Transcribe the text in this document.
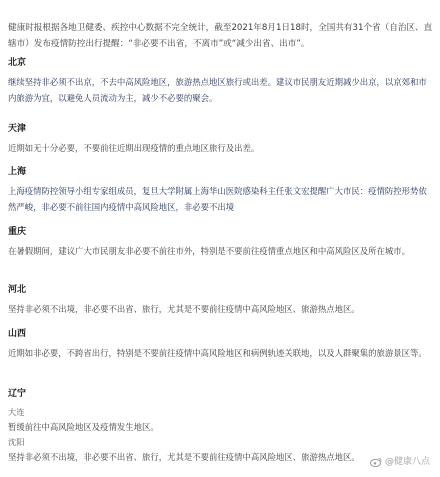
健康时报根据各地卫健委、疾控中心数据不完全统计，截至2021年8月1日18时，全国共有31个省（自治区、直辖市）发布疫情防控出行提醒：“非必要不出省，不离市”或“减少出省、出市”。

北京

继续坚持非必须不出京，不去中高风险地区，旅游热点地区旅行或出差。建议市民朋友近期减少出京，以京郊和市内旅游为宜，以避免人员流动为主，减少不必要的聚会。

天津

近期如无十分必要，不要前往近期出现疫情的重点地区旅行及出差。

上海

上海疫情防控领导小组专家组成员，复旦大学附属上海华山医院感染科主任张文宏提醒广大市民：疫情防控形势依然严峻，非必要不前往国内疫情中高风险地区，非必要不出境

重庆

在暑假期间，建议广大市民朋友非必要不前往市外，特别是不要前往疫情重点地区和中高风险区及所在城市。

河北

坚持非必须不出境，非必要不出省、旅行，尤其是不要前往疫情中高风险地区、旅游热点地区。

山西

近期如非必要，不跨省出行，特别是不要前往疫情中高风险地区和病例轨迹关联地，以及人群聚集的旅游景区等。

辽宁

大连

暂缓前往中高风险地区及疫情发生地区。

沈阳

坚持非必须不出境，非必要不出省、旅行，尤其是不要前往疫情中高风险地区、旅游热点地区。	@健康八点
